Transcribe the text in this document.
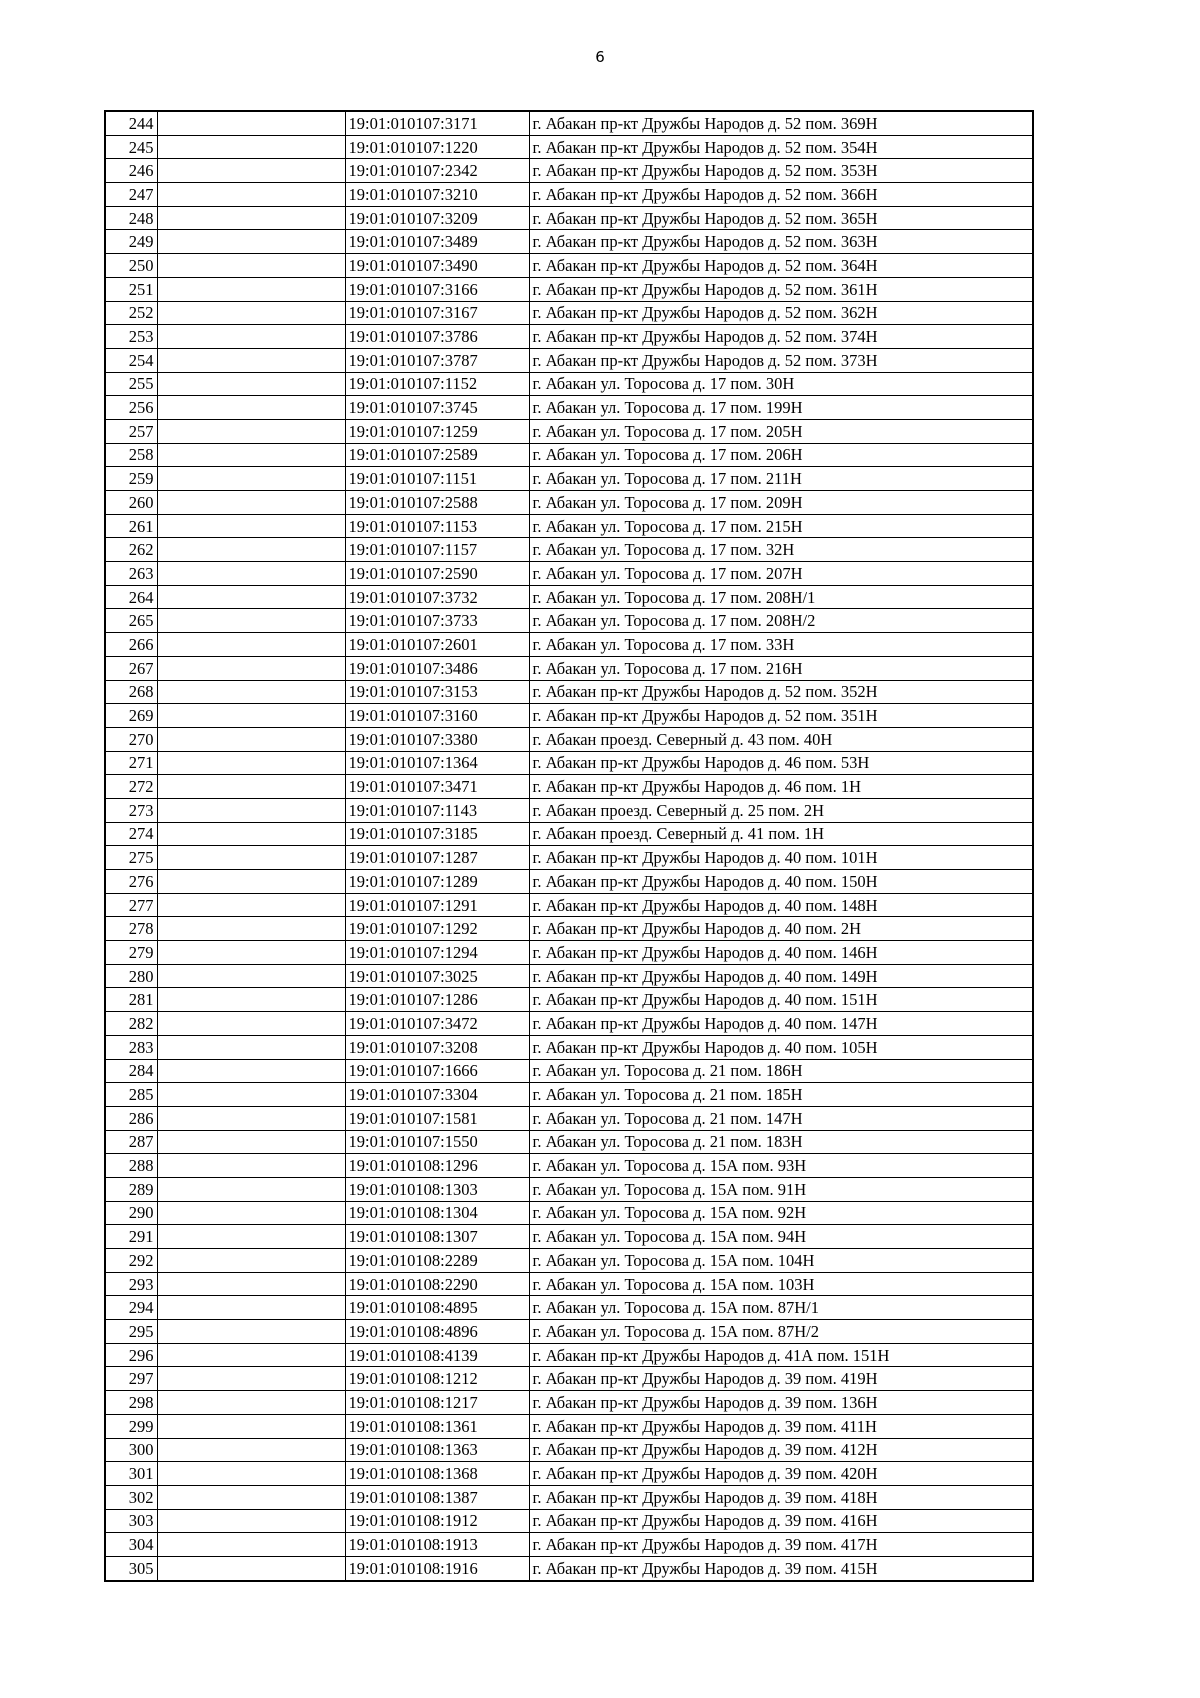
6
244		19:01:010107:3171	г. Абакан пр-кт Дружбы Народов д. 52 пом. 369Н
245		19:01:010107:1220	г. Абакан пр-кт Дружбы Народов д. 52 пом. 354Н
246		19:01:010107:2342	г. Абакан пр-кт Дружбы Народов д. 52 пом. 353Н
247		19:01:010107:3210	г. Абакан пр-кт Дружбы Народов д. 52 пом. 366Н
248		19:01:010107:3209	г. Абакан пр-кт Дружбы Народов д. 52 пом. 365Н
249		19:01:010107:3489	г. Абакан пр-кт Дружбы Народов д. 52 пом. 363Н
250		19:01:010107:3490	г. Абакан пр-кт Дружбы Народов д. 52 пом. 364Н
251		19:01:010107:3166	г. Абакан пр-кт Дружбы Народов д. 52 пом. 361Н
252		19:01:010107:3167	г. Абакан пр-кт Дружбы Народов д. 52 пом. 362Н
253		19:01:010107:3786	г. Абакан пр-кт Дружбы Народов д. 52 пом. 374Н
254		19:01:010107:3787	г. Абакан пр-кт Дружбы Народов д. 52 пом. 373Н
255		19:01:010107:1152	г. Абакан ул. Торосова д. 17 пом. 30Н
256		19:01:010107:3745	г. Абакан ул. Торосова д. 17 пом. 199Н
257		19:01:010107:1259	г. Абакан ул. Торосова д. 17 пом. 205Н
258		19:01:010107:2589	г. Абакан ул. Торосова д. 17 пом. 206Н
259		19:01:010107:1151	г. Абакан ул. Торосова д. 17 пом. 211Н
260		19:01:010107:2588	г. Абакан ул. Торосова д. 17 пом. 209Н
261		19:01:010107:1153	г. Абакан ул. Торосова д. 17 пом. 215Н
262		19:01:010107:1157	г. Абакан ул. Торосова д. 17 пом. 32Н
263		19:01:010107:2590	г. Абакан ул. Торосова д. 17 пом. 207Н
264		19:01:010107:3732	г. Абакан ул. Торосова д. 17 пом. 208Н/1
265		19:01:010107:3733	г. Абакан ул. Торосова д. 17 пом. 208Н/2
266		19:01:010107:2601	г. Абакан ул. Торосова д. 17 пом. 33Н
267		19:01:010107:3486	г. Абакан ул. Торосова д. 17 пом. 216Н
268		19:01:010107:3153	г. Абакан пр-кт Дружбы Народов д. 52 пом. 352Н
269		19:01:010107:3160	г. Абакан пр-кт Дружбы Народов д. 52 пом. 351Н
270		19:01:010107:3380	г. Абакан проезд. Северный д. 43 пом. 40Н
271		19:01:010107:1364	г. Абакан пр-кт Дружбы Народов д. 46 пом. 53Н
272		19:01:010107:3471	г. Абакан пр-кт Дружбы Народов д. 46 пом. 1Н
273		19:01:010107:1143	г. Абакан проезд. Северный д. 25 пом. 2Н
274		19:01:010107:3185	г. Абакан проезд. Северный д. 41 пом. 1Н
275		19:01:010107:1287	г. Абакан пр-кт Дружбы Народов д. 40 пом. 101Н
276		19:01:010107:1289	г. Абакан пр-кт Дружбы Народов д. 40 пом. 150Н
277		19:01:010107:1291	г. Абакан пр-кт Дружбы Народов д. 40 пом. 148Н
278		19:01:010107:1292	г. Абакан пр-кт Дружбы Народов д. 40 пом. 2Н
279		19:01:010107:1294	г. Абакан пр-кт Дружбы Народов д. 40 пом. 146Н
280		19:01:010107:3025	г. Абакан пр-кт Дружбы Народов д. 40 пом. 149Н
281		19:01:010107:1286	г. Абакан пр-кт Дружбы Народов д. 40 пом. 151Н
282		19:01:010107:3472	г. Абакан пр-кт Дружбы Народов д. 40 пом. 147Н
283		19:01:010107:3208	г. Абакан пр-кт Дружбы Народов д. 40 пом. 105Н
284		19:01:010107:1666	г. Абакан ул. Торосова д. 21 пом. 186Н
285		19:01:010107:3304	г. Абакан ул. Торосова д. 21 пом. 185Н
286		19:01:010107:1581	г. Абакан ул. Торосова д. 21 пом. 147Н
287		19:01:010107:1550	г. Абакан ул. Торосова д. 21 пом. 183Н
288		19:01:010108:1296	г. Абакан ул. Торосова д. 15А пом. 93Н
289		19:01:010108:1303	г. Абакан ул. Торосова д. 15А пом. 91Н
290		19:01:010108:1304	г. Абакан ул. Торосова д. 15А пом. 92Н
291		19:01:010108:1307	г. Абакан ул. Торосова д. 15А пом. 94Н
292		19:01:010108:2289	г. Абакан ул. Торосова д. 15А пом. 104Н
293		19:01:010108:2290	г. Абакан ул. Торосова д. 15А пом. 103Н
294		19:01:010108:4895	г. Абакан ул. Торосова д. 15А пом. 87Н/1
295		19:01:010108:4896	г. Абакан ул. Торосова д. 15А пом. 87Н/2
296		19:01:010108:4139	г. Абакан пр-кт Дружбы Народов д. 41А пом. 151Н
297		19:01:010108:1212	г. Абакан пр-кт Дружбы Народов д. 39 пом. 419Н
298		19:01:010108:1217	г. Абакан пр-кт Дружбы Народов д. 39 пом. 136Н
299		19:01:010108:1361	г. Абакан пр-кт Дружбы Народов д. 39 пом. 411Н
300		19:01:010108:1363	г. Абакан пр-кт Дружбы Народов д. 39 пом. 412Н
301		19:01:010108:1368	г. Абакан пр-кт Дружбы Народов д. 39 пом. 420Н
302		19:01:010108:1387	г. Абакан пр-кт Дружбы Народов д. 39 пом. 418Н
303		19:01:010108:1912	г. Абакан пр-кт Дружбы Народов д. 39 пом. 416Н
304		19:01:010108:1913	г. Абакан пр-кт Дружбы Народов д. 39 пом. 417Н
305		19:01:010108:1916	г. Абакан пр-кт Дружбы Народов д. 39 пом. 415Н
